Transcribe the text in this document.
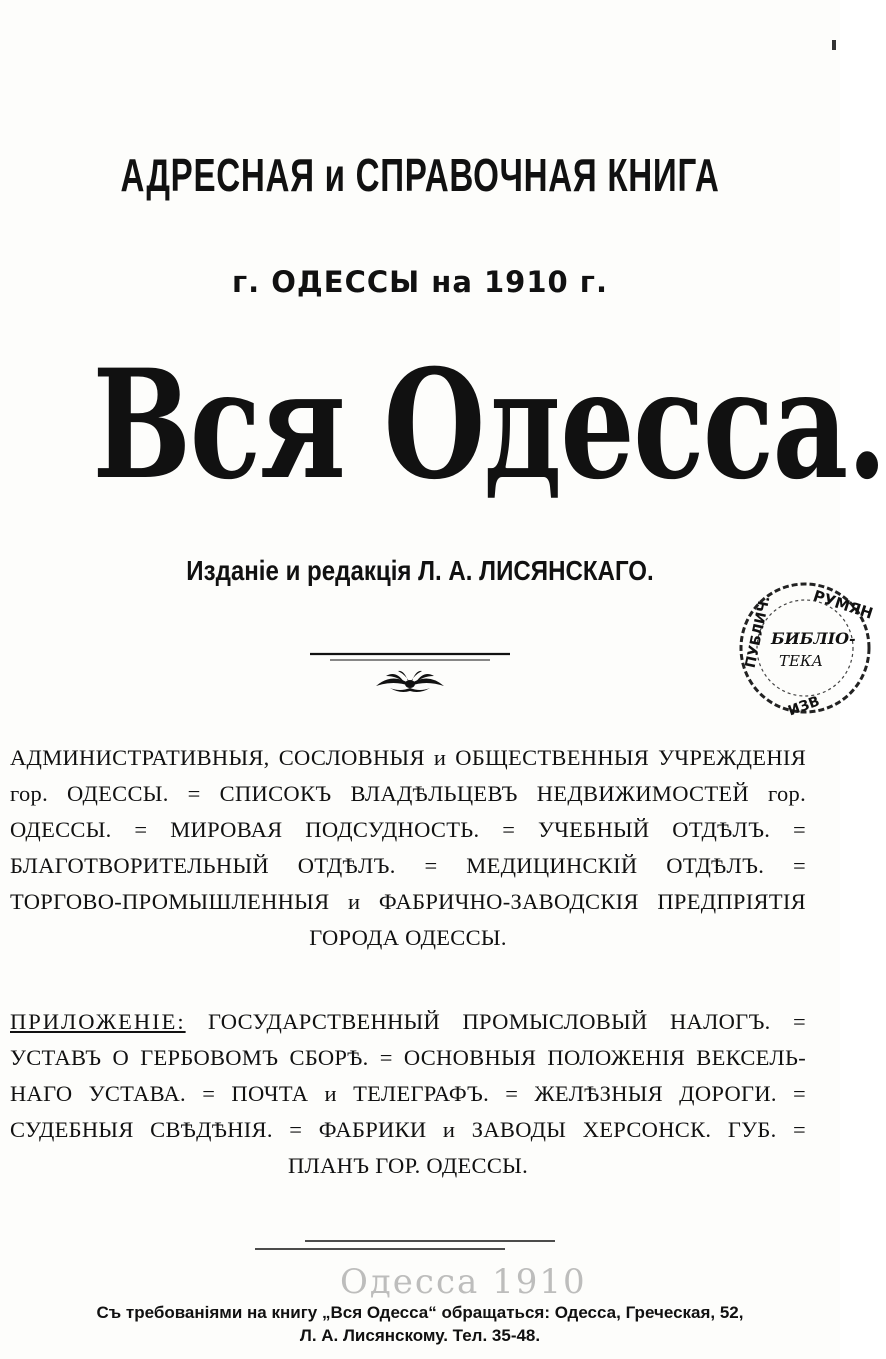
АДРЕСНАЯ и СПРАВОЧНАЯ КНИГА
г. ОДЕССЫ на 1910 г.
Вся Одесса.
Изданіе и редакція Л. А. ЛИСЯНСКАГО.
РУМЯН
ПУБЛИЧ.
БИБЛІО-
ТЕКА
ИЗВ
АДМИНИСТРАТИВНЫЯ, СОСЛОВНЫЯ и ОБЩЕСТВЕННЫЯ УЧРЕЖДЕНІЯ
гор. ОДЕССЫ. = СПИСОКЪ ВЛАДѢЛЬЦЕВЪ НЕДВИЖИМОСТЕЙ гор.
ОДЕССЫ. = МИРОВАЯ ПОДСУДНОСТЬ. = УЧЕБНЫЙ ОТДѢЛЪ. =
БЛАГОТВОРИТЕЛЬНЫЙ ОТДѢЛЪ. = МЕДИЦИНСКІЙ ОТДѢЛЪ. =
ТОРГОВО-ПРОМЫШЛЕННЫЯ и ФАБРИЧНО-ЗАВОДСКІЯ ПРЕДПРІЯТІЯ
ГОРОДА ОДЕССЫ.
ПРИЛОЖЕНІЕ: ГОСУДАРСТВЕННЫЙ ПРОМЫСЛОВЫЙ НАЛОГЪ. =
УСТАВЪ О ГЕРБОВОМЪ СБОРѢ. = ОСНОВНЫЯ ПОЛОЖЕНІЯ ВЕКСЕЛЬ-
НАГО УСТАВА. = ПОЧТА и ТЕЛЕГРАФЪ. = ЖЕЛѢЗНЫЯ ДОРОГИ. =
СУДЕБНЫЯ СВѢДѢНІЯ. = ФАБРИКИ и ЗАВОДЫ ХЕРСОНСК. ГУБ. =
ПЛАНЪ ГОР. ОДЕССЫ.
Одесса 1910
Съ требованіями на книгу „Вся Одесса“ обращаться: Одесса, Греческая, 52,
Л. А. Лисянскому. Тел. 35-48.
